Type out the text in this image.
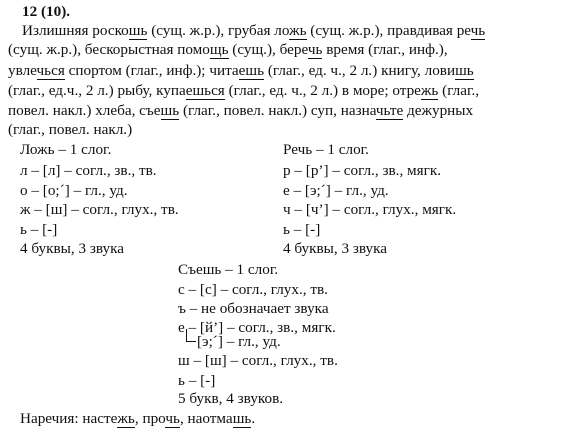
12 (10).
Излишняя роскошь (сущ. ж.р.), грубая ложь (сущ. ж.р.), правдивая речь
(сущ. ж.р.), бескорыстная помощь (сущ.), беречь время (глаг., инф.),
увлечься спортом (глаг., инф.); читаешь (глаг., ед. ч., 2 л.) книгу, ловишь
(глаг., ед.ч., 2 л.) рыбу, купаешься (глаг., ед. ч., 2 л.) в море; отрежь (глаг.,
повел. накл.) хлеба, съешь (глаг., повел. накл.) суп, назначьте дежурных
(глаг., повел. накл.)
Ложь – 1 слог.
л – [л] – согл., зв., тв.
о – [о;´] – гл., уд.
ж – [ш] – согл., глух., тв.
ь – [-]
4 буквы, 3 звука
Речь – 1 слог.
р – [р’] – согл., зв., мягк.
е – [э;´] – гл., уд.
ч – [ч’] – согл., глух., мягк.
ь – [-]
4 буквы, 3 звука
Съешь – 1 слог.
с – [с] – согл., глух., тв.
ъ – не обозначает звука
е – [й’] – согл., зв., мягк.
[э;´] – гл., уд.
ш – [ш] – согл., глух., тв.
ь – [-]
5 букв, 4 звуков.
Наречия: настежь, прочь, наотмашь.
